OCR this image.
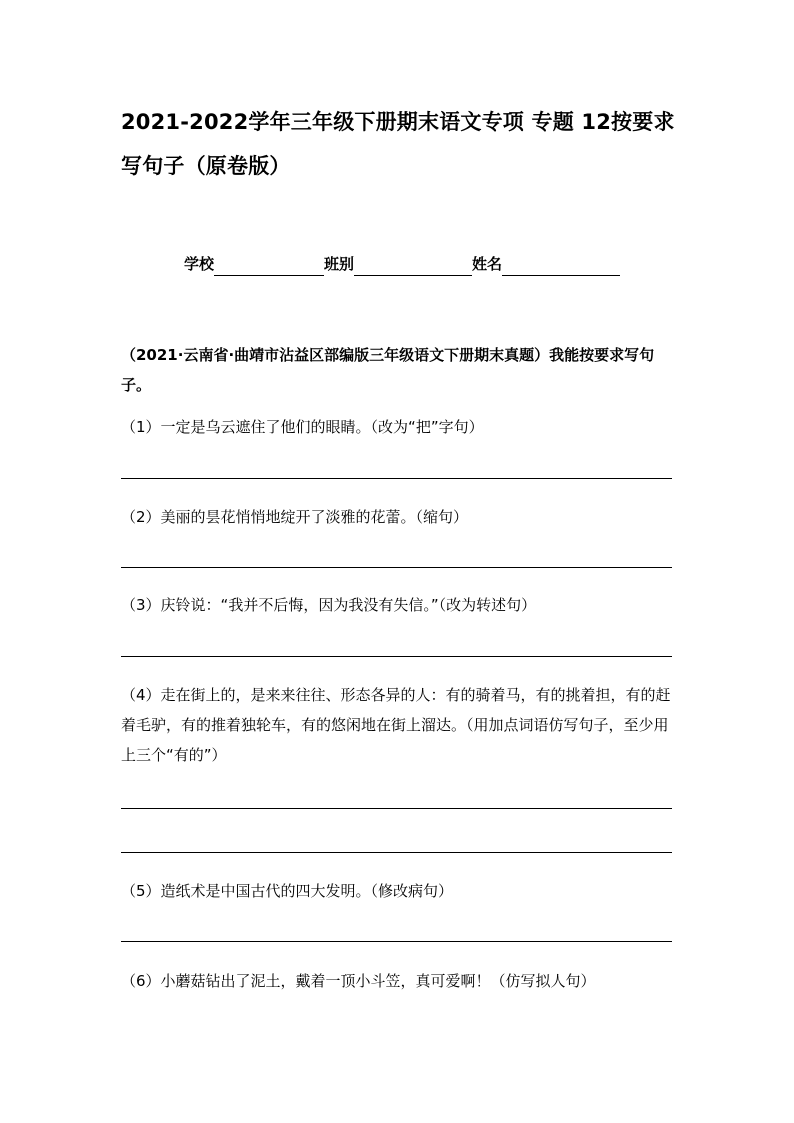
2021-2022学年三年级下册期末语文专项 专题 12按要求写句子（原卷版）
学校	班别	姓名
（2021·云南省·曲靖市沾益区部编版三年级语文下册期末真题）我能按要求写句子。
（1）一定是乌云遮住了他们的眼睛。（改为“把”字句）
（2）美丽的昙花悄悄地绽开了淡雅的花蕾。（缩句）
（3）庆铃说：“我并不后悔，因为我没有失信。”（改为转述句）
（4）走在街上的，是来来往往、形态各异的人：有的骑着马，有的挑着担，有的赶着毛驴，有的推着独轮车，有的悠闲地在街上溜达。（用加点词语仿写句子，至少用上三个“有的”）
（5）造纸术是中国古代的四大发明。（修改病句）
（6）小蘑菇钻出了泥土，戴着一顶小斗笠，真可爱啊！（仿写拟人句）
